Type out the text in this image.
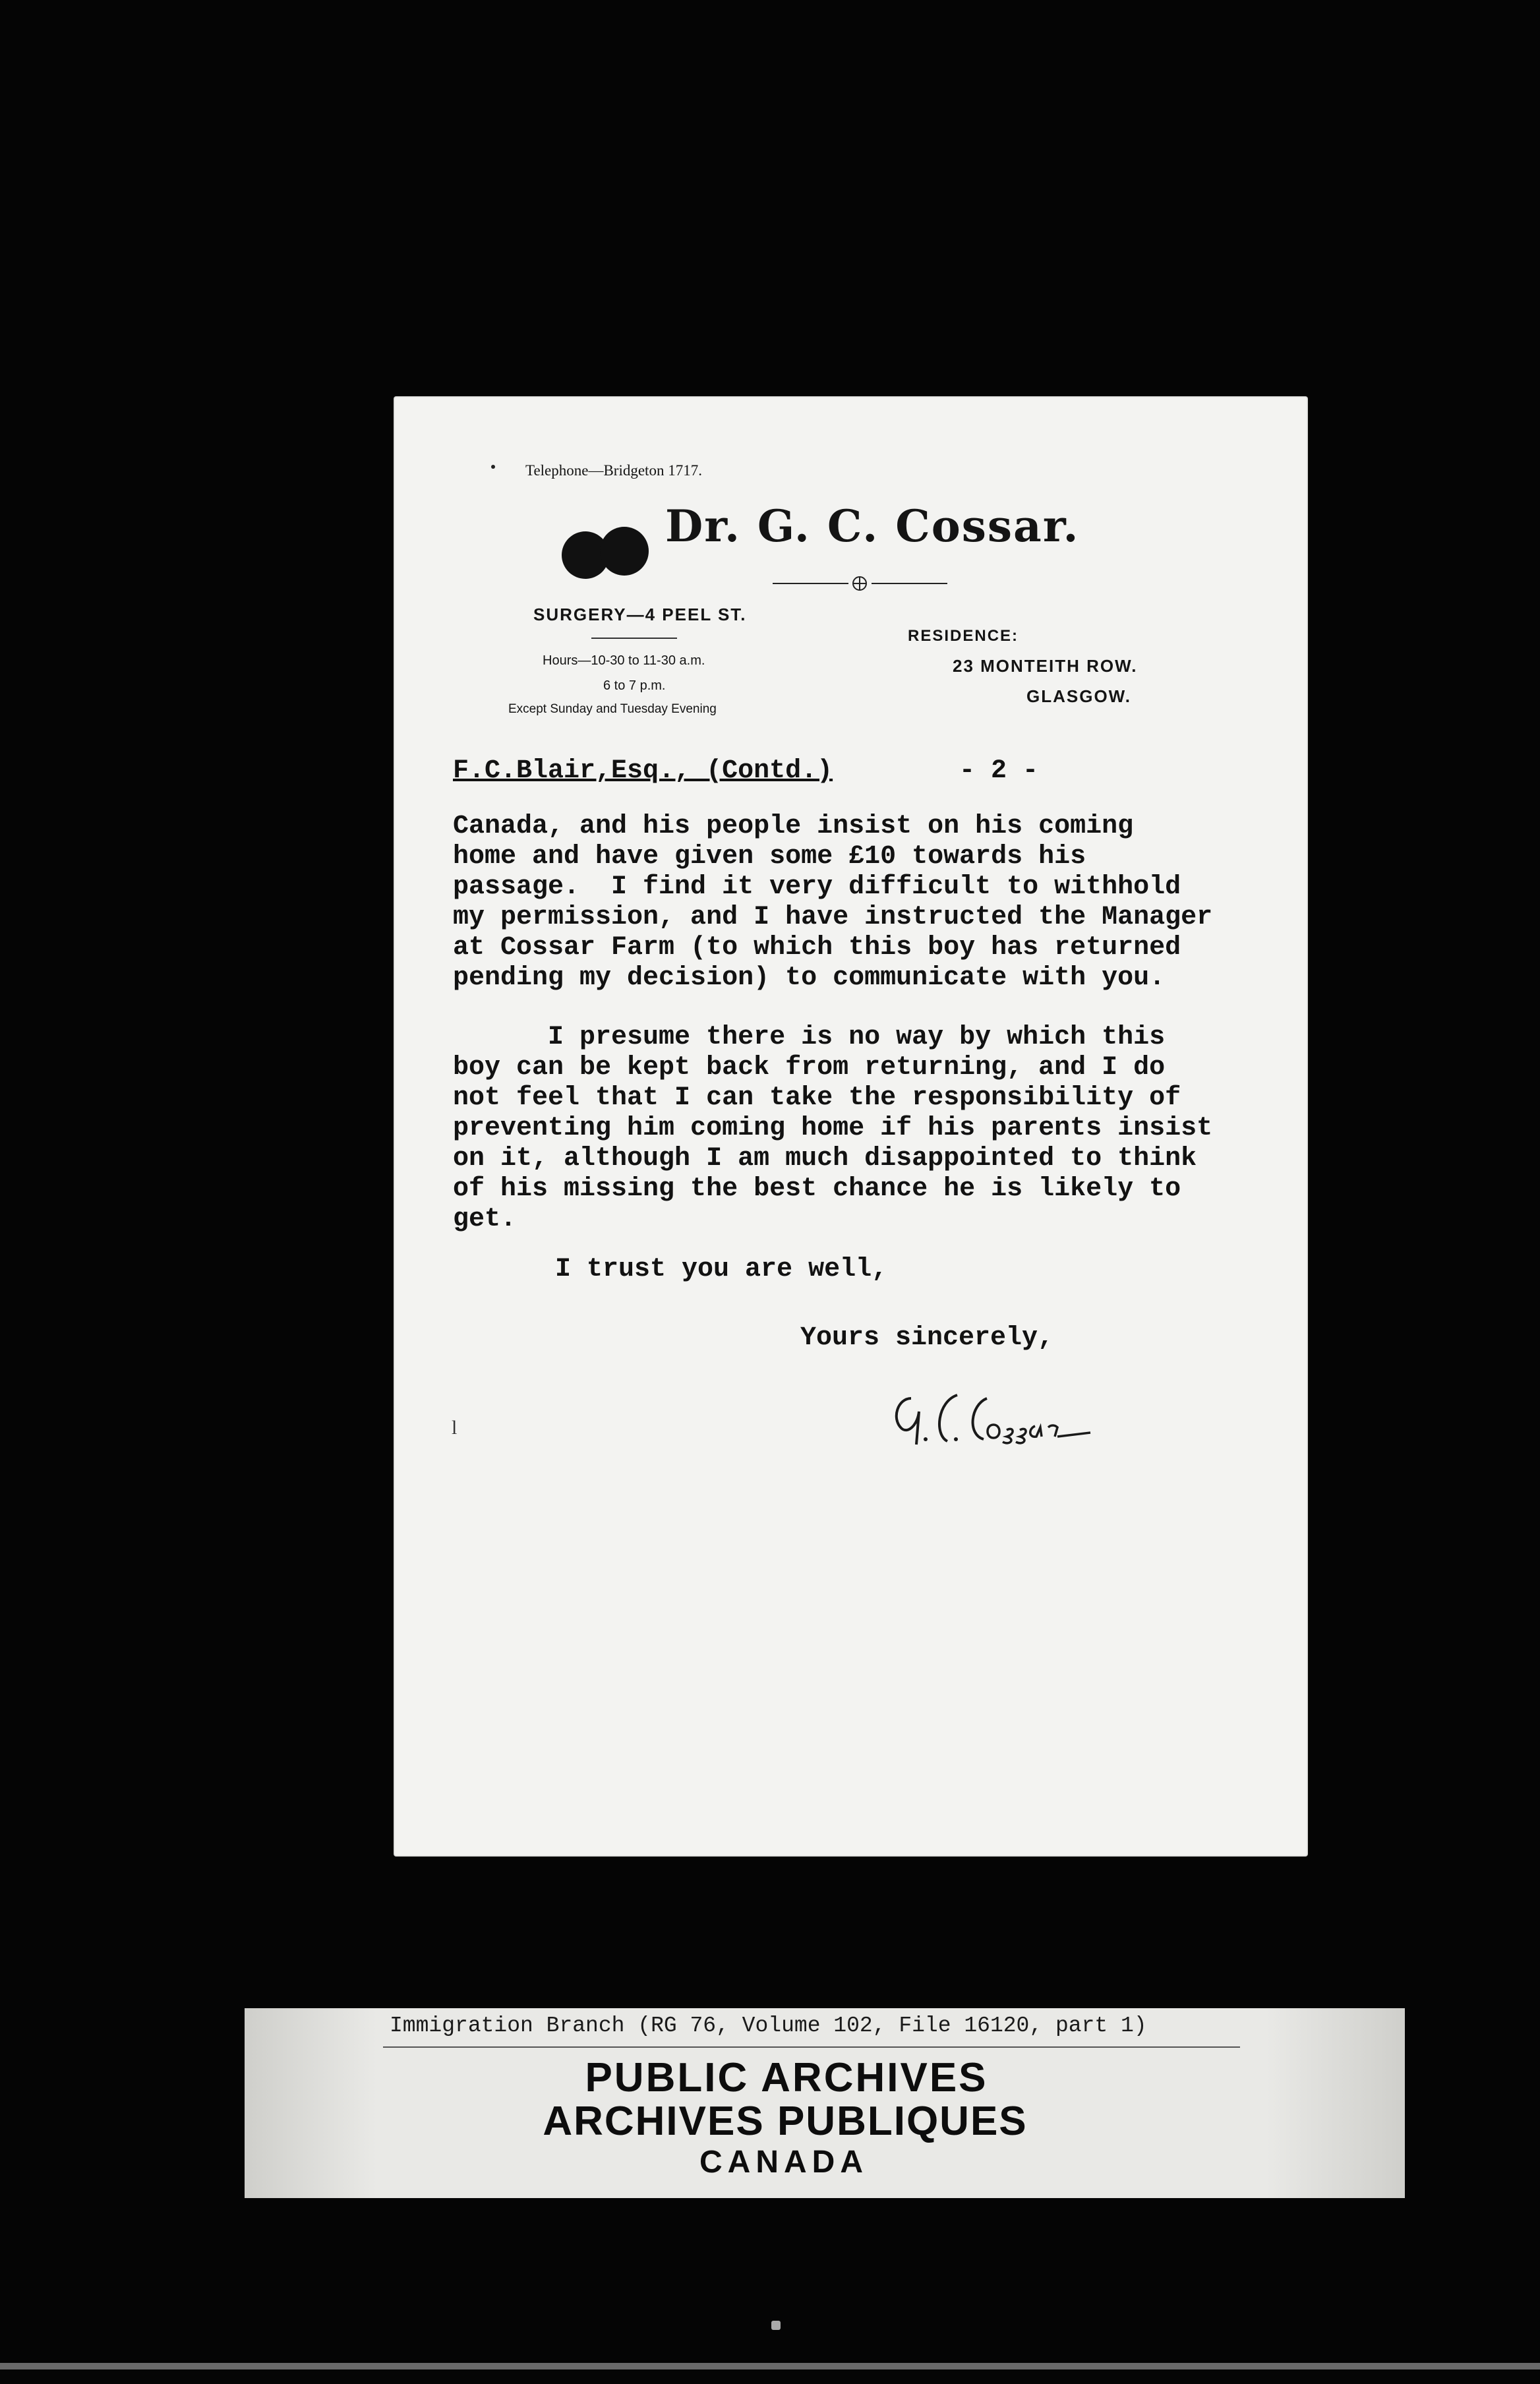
Telephone—Bridgeton 1717.
Dr. G. C. Cossar.
SURGERY—4 PEEL ST.
Hours—10-30 to 11-30 a.m.
6 to 7 p.m.
Except Sunday and Tuesday Evening
RESIDENCE:
23 MONTEITH ROW.
GLASGOW.
F.C.Blair,Esq., (Contd.)	- 2 -
Canada, and his people insist on his coming
home and have given some £10 towards his
passage.  I find it very difficult to withhold
my permission, and I have instructed the Manager
at Cossar Farm (to which this boy has returned
pending my decision) to communicate with you.
I presume there is no way by which this
boy can be kept back from returning, and I do
not feel that I can take the responsibility of
preventing him coming home if his parents insist
on it, although I am much disappointed to think
of his missing the best chance he is likely to
get.
I trust you are well,
Yours sincerely,
l
Immigration Branch (RG 76, Volume 102, File 16120, part 1)
PUBLIC ARCHIVES
ARCHIVES PUBLIQUES
CANADA
